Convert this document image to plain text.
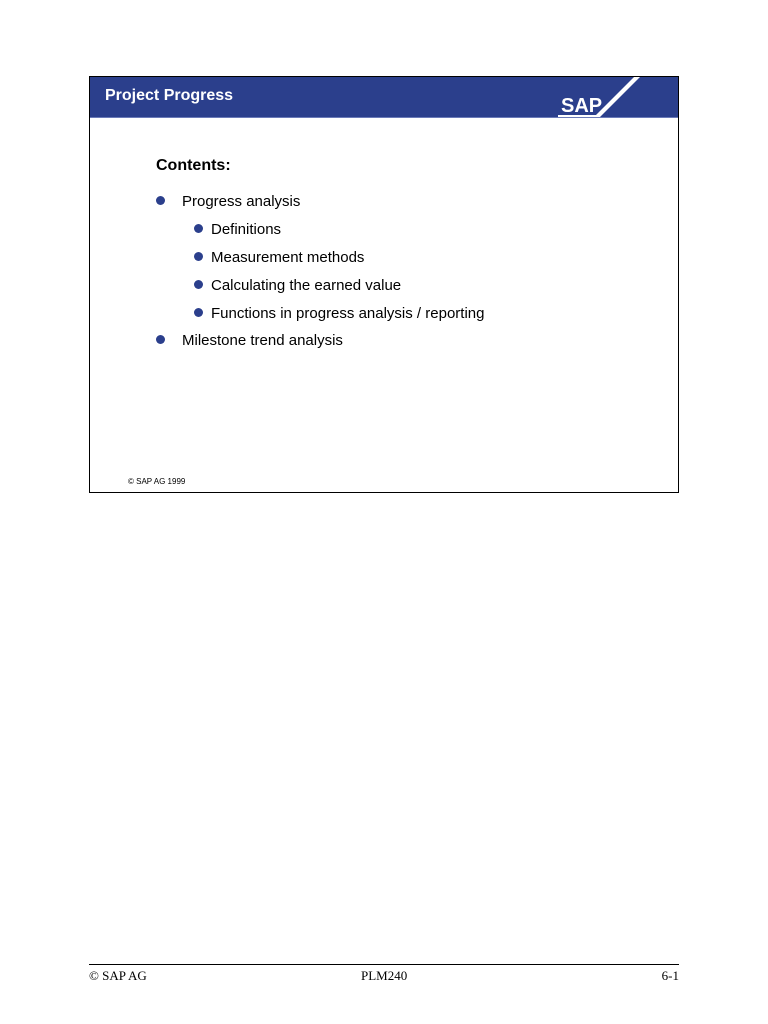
Project Progress	SAP
Contents:
Progress analysis
Definitions
Measurement methods
Calculating the earned value
Functions in progress analysis / reporting
Milestone trend analysis
© SAP AG 1999
© SAP AG	PLM240	6-1
